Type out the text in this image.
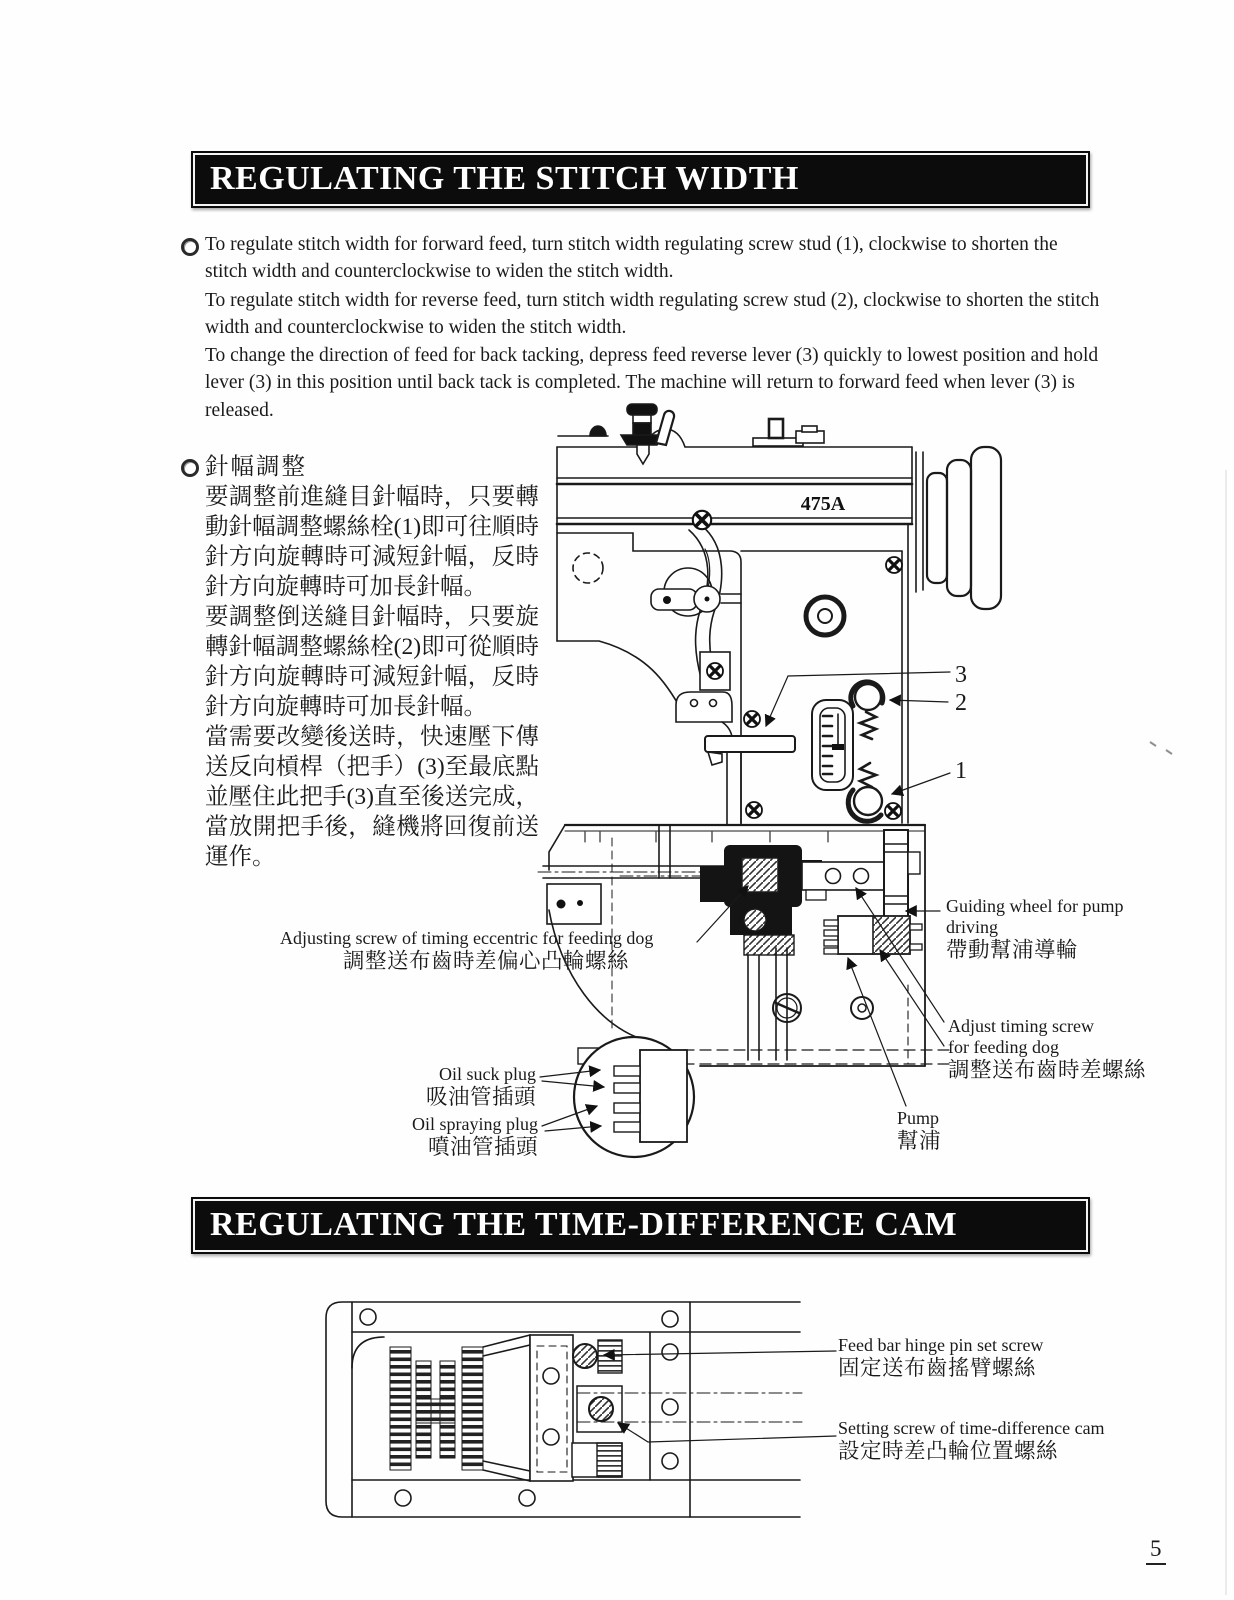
475A
REGULATING THE STITCH WIDTH

To regulate stitch width for forward feed, turn stitch width regulating screw stud (1), clockwise to shorten the stitch width and counterclockwise to widen the stitch width.

To regulate stitch width for reverse feed, turn stitch width regulating screw stud (2), clockwise to shorten the stitch width and counterclockwise to widen the stitch width.

To change the direction of feed for back tacking, depress feed reverse lever (3) quickly to lowest position and hold lever (3) in this position until back tack is completed. The machine will return to forward feed when lever (3) is released.

針幅調整

要調整前進縫目針幅時，只要轉動針幅調整螺絲栓(1)即可往順時針方向旋轉時可減短針幅，反時針方向旋轉時可加長針幅。

要調整倒送縫目針幅時，只要旋轉針幅調整螺絲栓(2)即可從順時針方向旋轉時可減短針幅，反時針方向旋轉時可加長針幅。

當需要改變後送時，快速壓下傳送反向槓桿（把手）(3)至最底點並壓住此把手(3)直至後送完成，當放開把手後，縫機將回復前送運作。

3
2
1
Adjusting screw of timing eccentric for feeding dog
調整送布齒時差偏心凸輪螺絲
Guiding wheel for pump
driving
帶動幫浦導輪
Adjust timing screw
for feeding dog
調整送布齒時差螺絲
Oil suck plug
吸油管插頭
Oil spraying plug
噴油管插頭
Pump
幫浦
REGULATING THE TIME-DIFFERENCE CAM
Feed bar hinge pin set screw
固定送布齒搖臂螺絲
Setting screw of time-difference cam
設定時差凸輪位置螺絲
5
